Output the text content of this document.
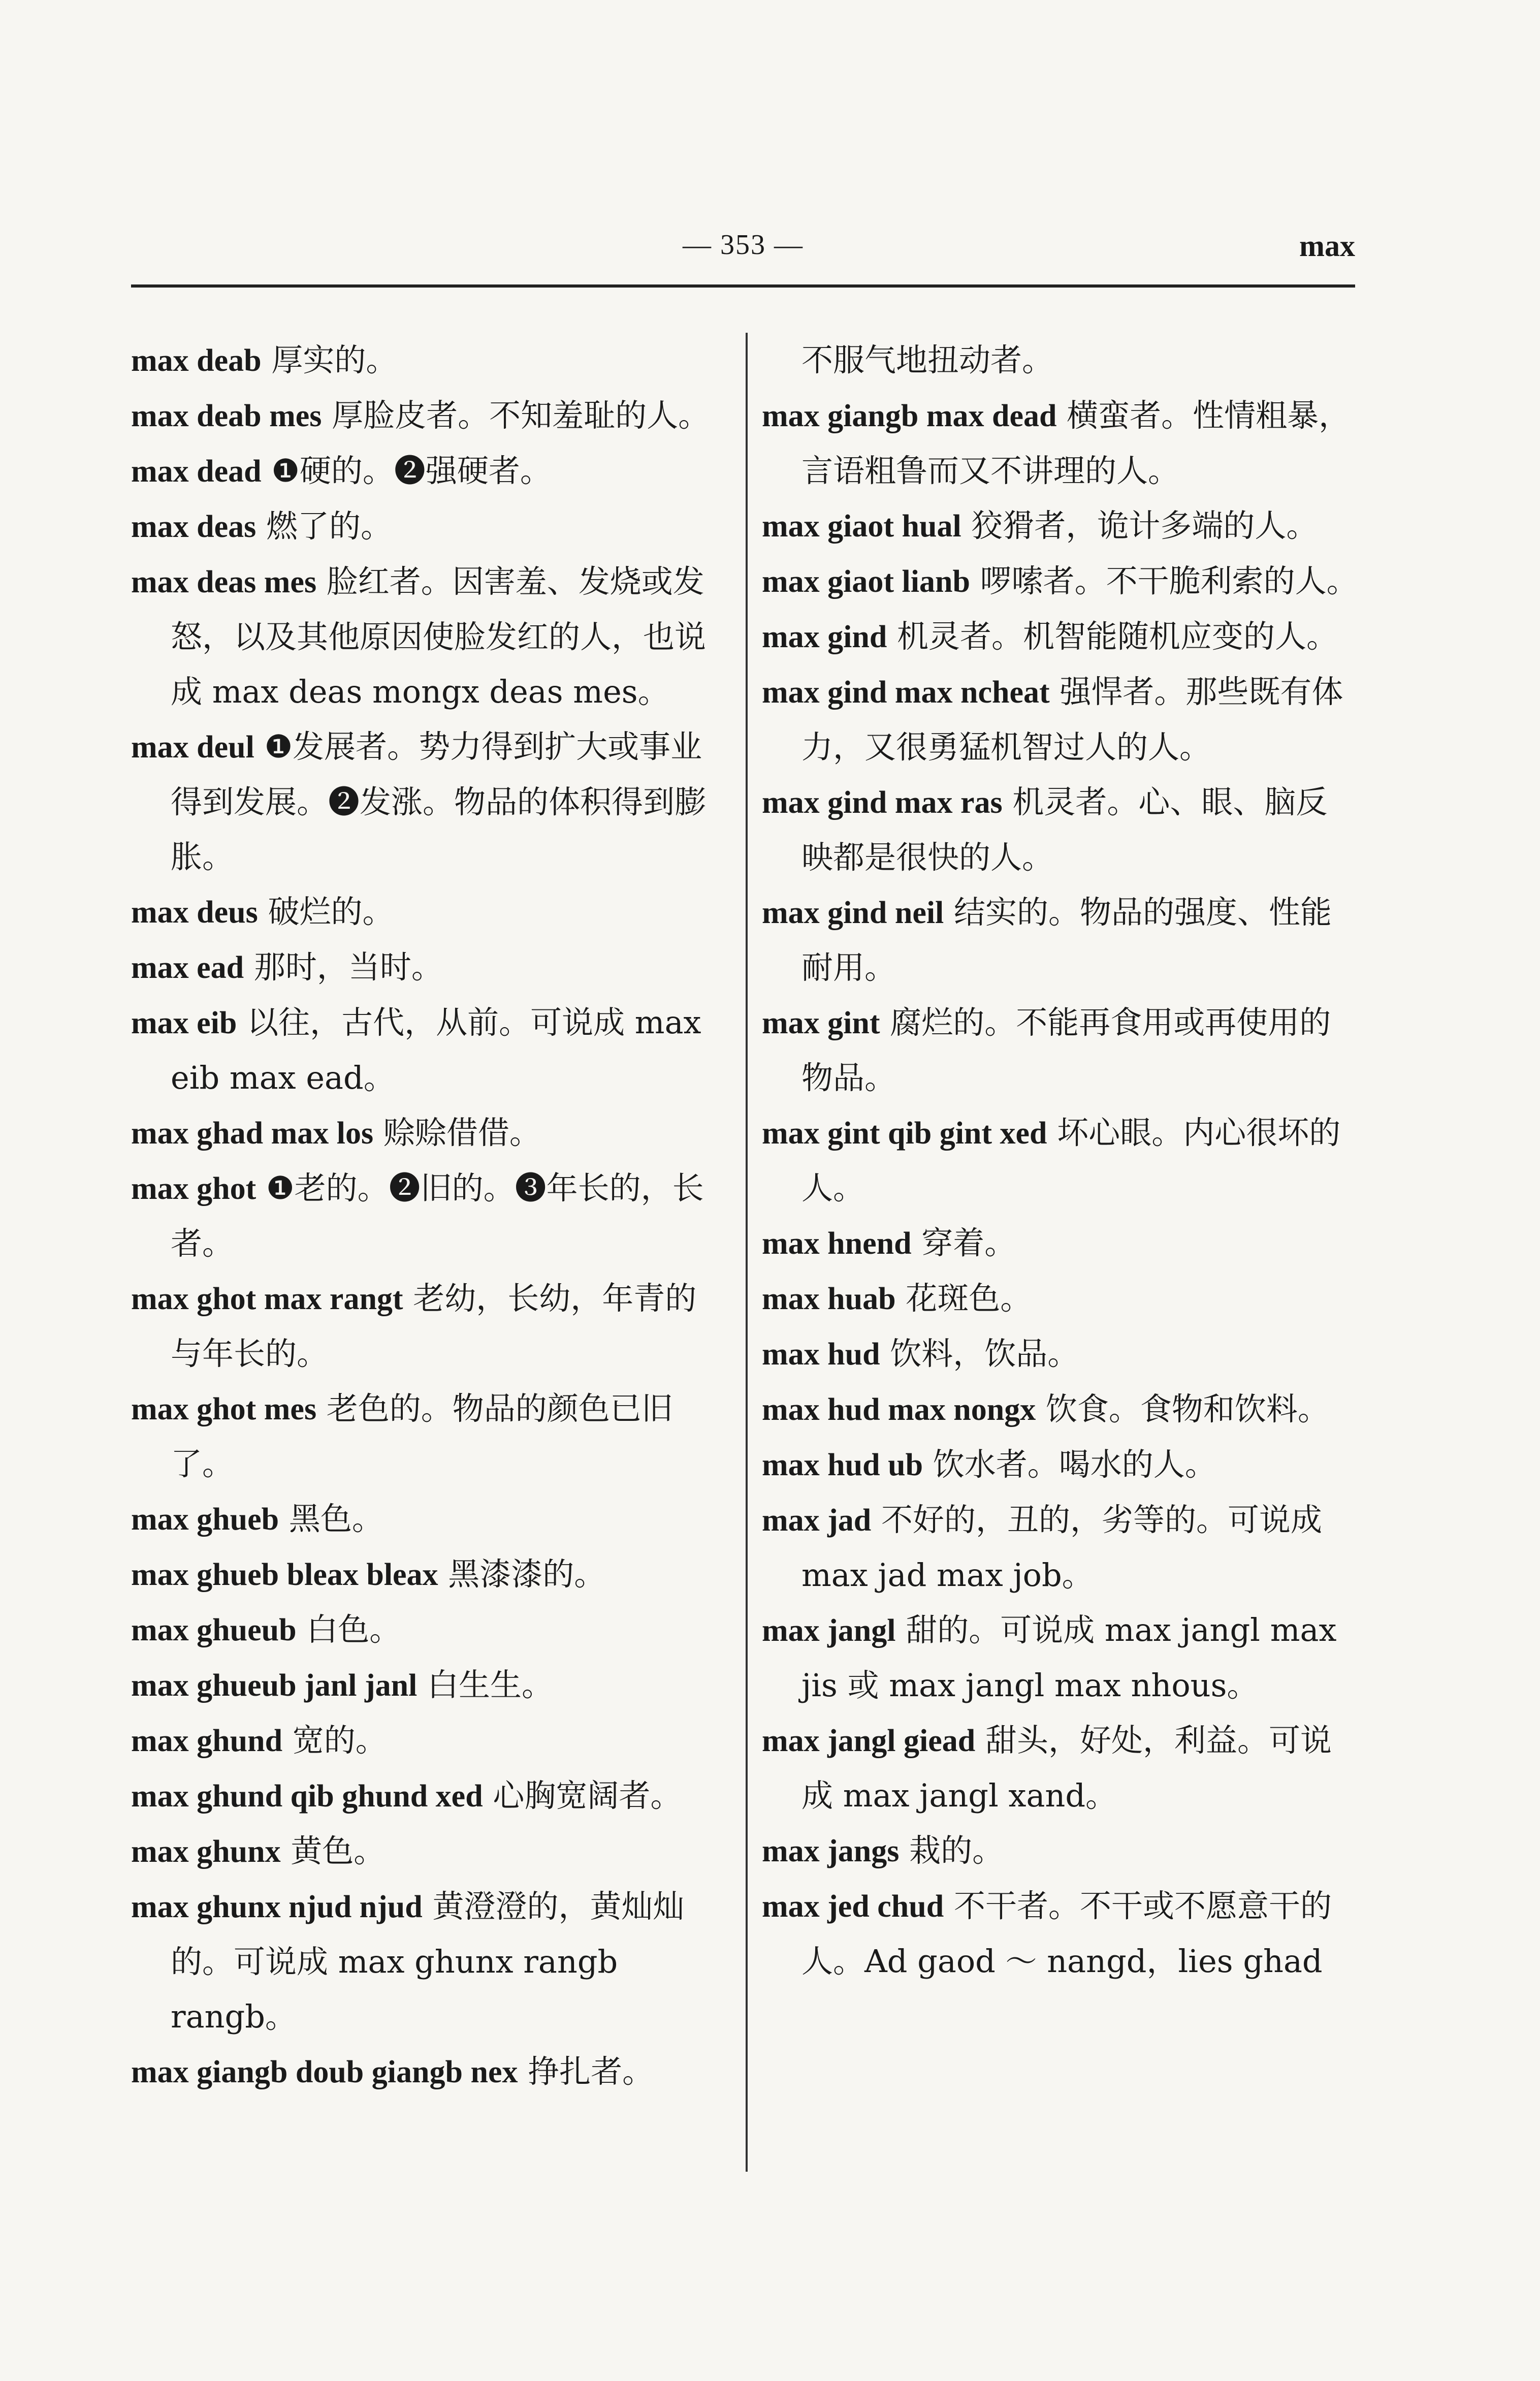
— 353 —	max

max deab 厚实的。

max deab mes 厚脸皮者。不知羞耻的人。

max dead ❶硬的。❷强硬者。

max deas 燃了的。

max deas mes 脸红者。因害羞、发烧或发怒，以及其他原因使脸发红的人，也说成 max deas mongx deas mes。

max deul ❶发展者。势力得到扩大或事业得到发展。❷发涨。物品的体积得到膨胀。

max deus 破烂的。

max ead 那时，当时。

max eib 以往，古代，从前。可说成 max eib max ead。

max ghad max los 赊赊借借。

max ghot ❶老的。❷旧的。❸年长的，长者。

max ghot max rangt 老幼，长幼，年青的与年长的。

max ghot mes 老色的。物品的颜色已旧了。

max ghueb 黑色。

max ghueb bleax bleax 黑漆漆的。

max ghueub 白色。

max ghueub janl janl 白生生。

max ghund 宽的。

max ghund qib ghund xed 心胸宽阔者。

max ghunx 黄色。

max ghunx njud njud 黄澄澄的，黄灿灿的。可说成 max ghunx rangb rangb。

max giangb doub giangb nex 挣扎者。

不服气地扭动者。

max giangb max dead 横蛮者。性情粗暴，言语粗鲁而又不讲理的人。

max giaot hual 狡猾者，诡计多端的人。

max giaot lianb 啰嗦者。不干脆利索的人。

max gind 机灵者。机智能随机应变的人。

max gind max ncheat 强悍者。那些既有体力，又很勇猛机智过人的人。

max gind max ras 机灵者。心、眼、脑反映都是很快的人。

max gind neil 结实的。物品的强度、性能耐用。

max gint 腐烂的。不能再食用或再使用的物品。

max gint qib gint xed 坏心眼。内心很坏的人。

max hnend 穿着。

max huab 花斑色。

max hud 饮料，饮品。

max hud max nongx 饮食。食物和饮料。

max hud ub 饮水者。喝水的人。

max jad 不好的，丑的，劣等的。可说成 max jad max job。

max jangl 甜的。可说成 max jangl max jis 或 max jangl max nhous。

max jangl giead 甜头，好处，利益。可说成 max jangl xand。

max jangs 栽的。

max jed chud 不干者。不干或不愿意干的人。Ad gaod ～ nangd，lies ghad
